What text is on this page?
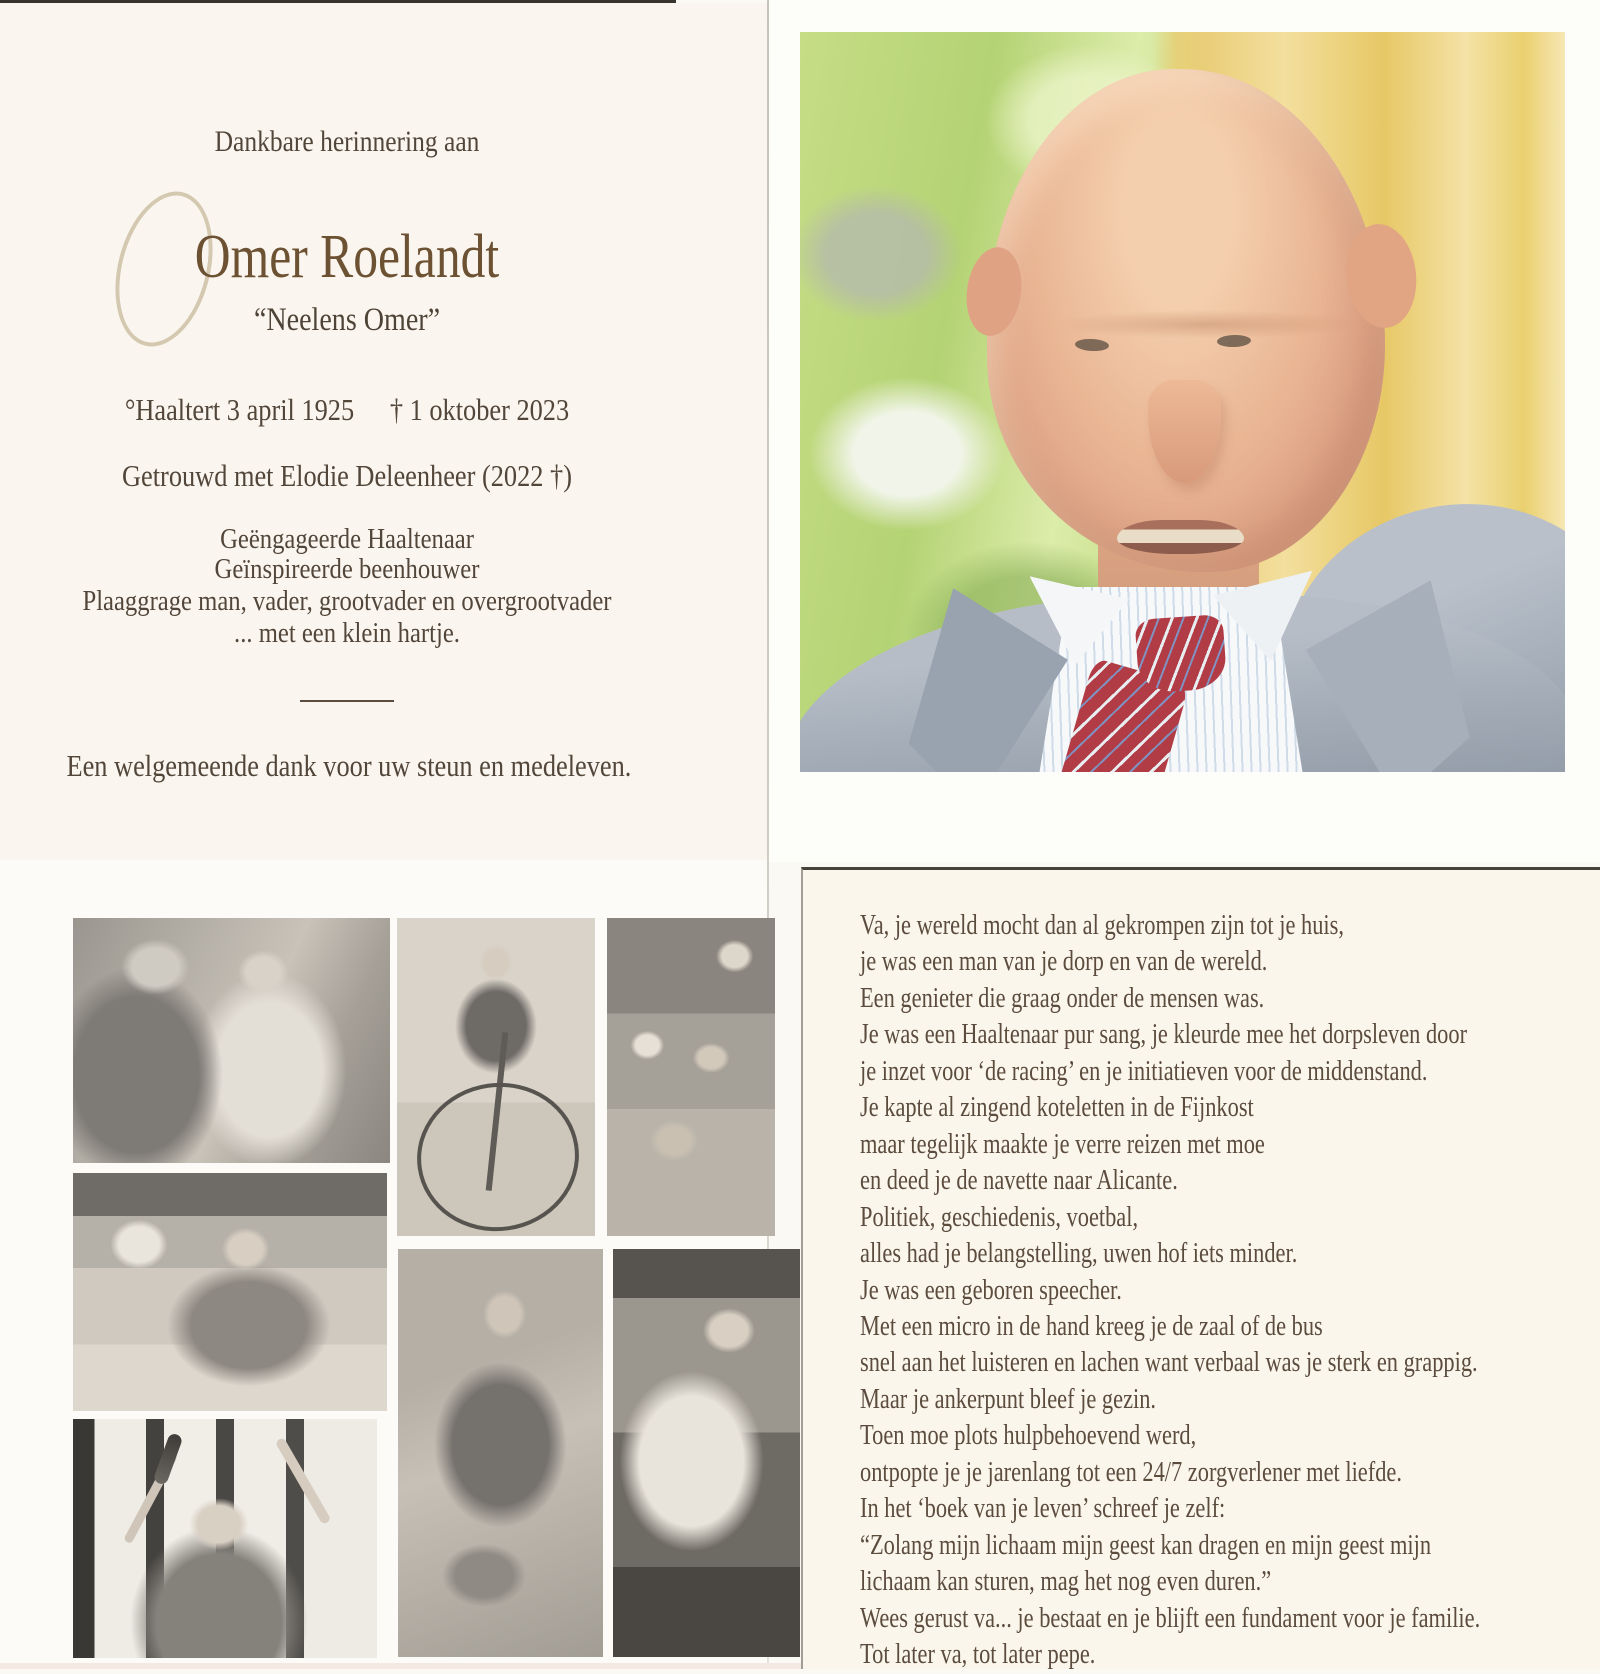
Dankbare herinnering aan
Omer Roelandt
“Neelens Omer”
°Haaltert 3 april 1925 † 1 oktober 2023
Getrouwd met Elodie Deleenheer (2022 †)
Geëngageerde Haaltenaar
Geïnspireerde beenhouwer
Plaaggrage man, vader, grootvader en overgrootvader
... met een klein hartje.
Een welgemeende dank voor uw steun en medeleven.

Va, je wereld mocht dan al gekrompen zijn tot je huis,

je was een man van je dorp en van de wereld.

Een genieter die graag onder de mensen was.

Je was een Haaltenaar pur sang, je kleurde mee het dorpsleven door

je inzet voor ‘de racing’ en je initiatieven voor de middenstand.

Je kapte al zingend koteletten in de Fijnkost

maar tegelijk maakte je verre reizen met moe

en deed je de navette naar Alicante.

Politiek, geschiedenis, voetbal,

alles had je belangstelling, uwen hof iets minder.

Je was een geboren speecher.

Met een micro in de hand kreeg je de zaal of de bus

snel aan het luisteren en lachen want verbaal was je sterk en grappig.

Maar je ankerpunt bleef je gezin.

Toen moe plots hulpbehoevend werd,

ontpopte je je jarenlang tot een 24/7 zorgverlener met liefde.

In het ‘boek van je leven’ schreef je zelf:

“Zolang mijn lichaam mijn geest kan dragen en mijn geest mijn

lichaam kan sturen, mag het nog even duren.”

Wees gerust va... je bestaat en je blijft een fundament voor je familie.

Tot later va, tot later pepe.
